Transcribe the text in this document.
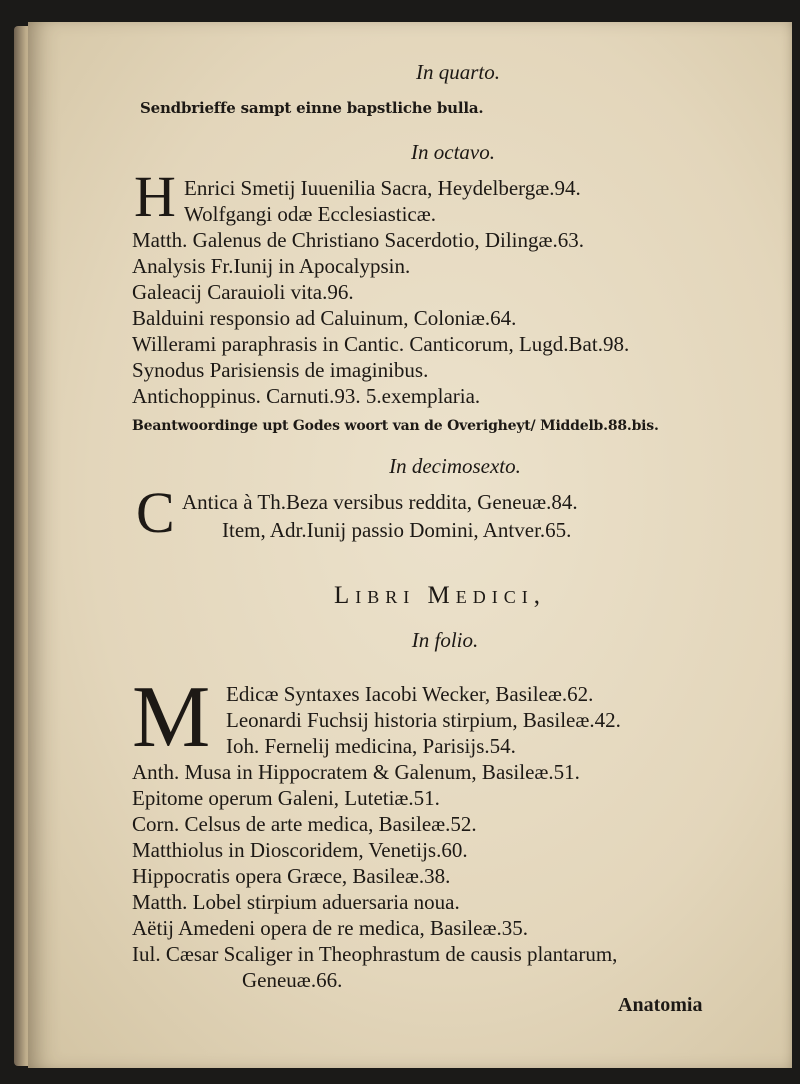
In quarto.
Sendbrieffe sampt einne bapstliche bulla.
In octavo.
H Enrici Smetij Iuuenilia Sacra, Heydelbergæ.94.
Wolfgangi odæ Ecclesiasticæ.
Matth. Galenus de Christiano Sacerdotio, Dilingæ.63.
Analysis Fr.Iunij in Apocalypsin.
Galeacij Carauioli vita.96.
Balduini responsio ad Caluinum, Coloniæ.64.
Willerami paraphrasis in Cantic. Canticorum, Lugd.Bat.98.
Synodus Parisiensis de imaginibus.
Antichoppinus. Carnuti.93. 5.exemplaria.
Beantwoordinge upt Godes woort van de Overigheyt/ Middelb.88.bis.
In decimosexto.
C Antica à Th.Beza versibus reddita, Geneuæ.84.
Item, Adr.Iunij passio Domini, Antver.65.
Libri Medici,
In folio.
M Edicæ Syntaxes Iacobi Wecker, Basileæ.62.
Leonardi Fuchsij historia stirpium, Basileæ.42.
Ioh. Fernelij medicina, Parisijs.54.
Anth. Musa in Hippocratem & Galenum, Basileæ.51.
Epitome operum Galeni, Lutetiæ.51.
Corn. Celsus de arte medica, Basileæ.52.
Matthiolus in Dioscoridem, Venetijs.60.
Hippocratis opera Græce, Basileæ.38.
Matth. Lobel stirpium aduersaria noua.
Aëtij Amedeni opera de re medica, Basileæ.35.
Iul. Cæsar Scaliger in Theophrastum de causis plantarum,
Geneuæ.66.
Anatomia
